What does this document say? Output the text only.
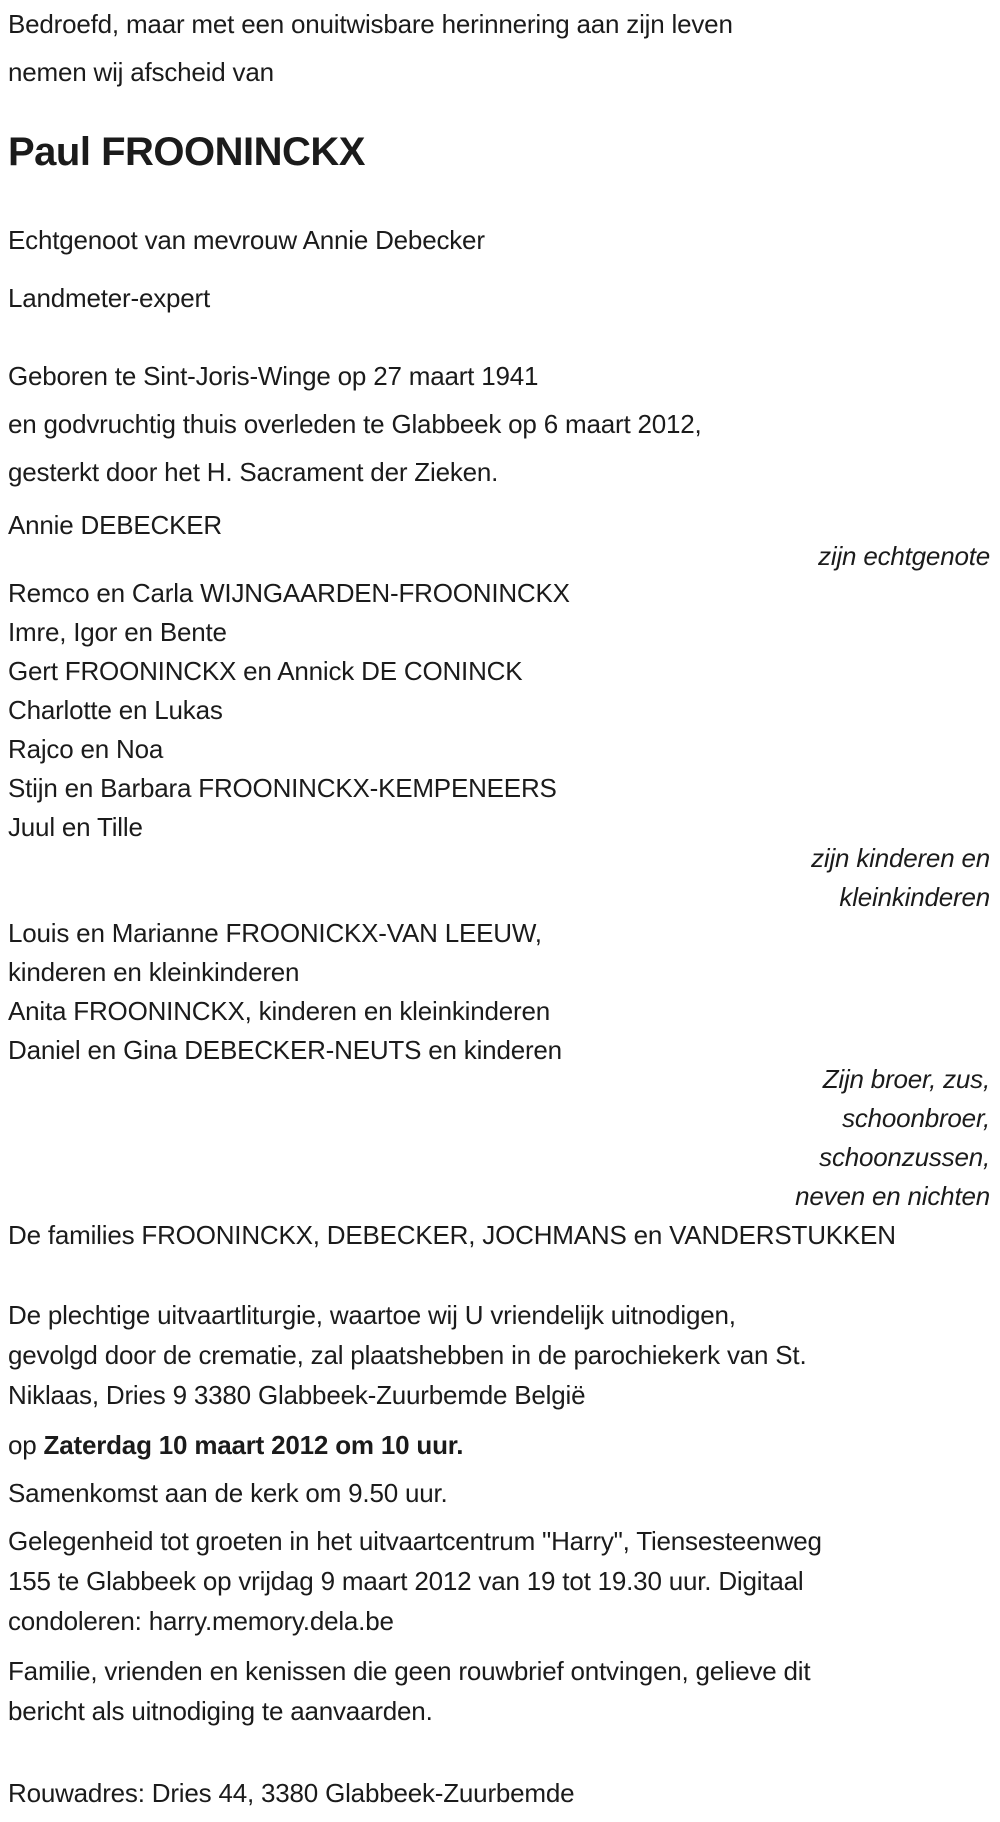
Bedroefd, maar met een onuitwisbare herinnering aan zijn leven
nemen wij afscheid van
Paul FROONINCKX
Echtgenoot van mevrouw Annie Debecker
Landmeter-expert
Geboren te Sint-Joris-Winge op 27 maart 1941
en godvruchtig thuis overleden te Glabbeek op 6 maart 2012,
gesterkt door het H. Sacrament der Zieken.
Annie DEBECKER
zijn echtgenote
Remco en Carla WIJNGAARDEN-FROONINCKX
Imre, Igor en Bente
Gert FROONINCKX en Annick DE CONINCK
Charlotte en Lukas
Rajco en Noa
Stijn en Barbara FROONINCKX-KEMPENEERS
Juul en Tille
zijn kinderen en
kleinkinderen
Louis en Marianne FROONICKX-VAN LEEUW,
kinderen en kleinkinderen
Anita FROONINCKX, kinderen en kleinkinderen
Daniel en Gina DEBECKER-NEUTS en kinderen
Zijn broer, zus,
schoonbroer,
schoonzussen,
neven en nichten
De families FROONINCKX, DEBECKER, JOCHMANS en VANDERSTUKKEN
De plechtige uitvaartliturgie, waartoe wij U vriendelijk uitnodigen,
gevolgd door de crematie, zal plaatshebben in de parochiekerk van St.
Niklaas, Dries 9 3380 Glabbeek-Zuurbemde België
op Zaterdag 10 maart 2012 om 10 uur.
Samenkomst aan de kerk om 9.50 uur.
Gelegenheid tot groeten in het uitvaartcentrum "Harry", Tiensesteenweg
155 te Glabbeek op vrijdag 9 maart 2012 van 19 tot 19.30 uur. Digitaal
condoleren: harry.memory.dela.be
Familie, vrienden en kenissen die geen rouwbrief ontvingen, gelieve dit
bericht als uitnodiging te aanvaarden.
Rouwadres: Dries 44, 3380 Glabbeek-Zuurbemde
